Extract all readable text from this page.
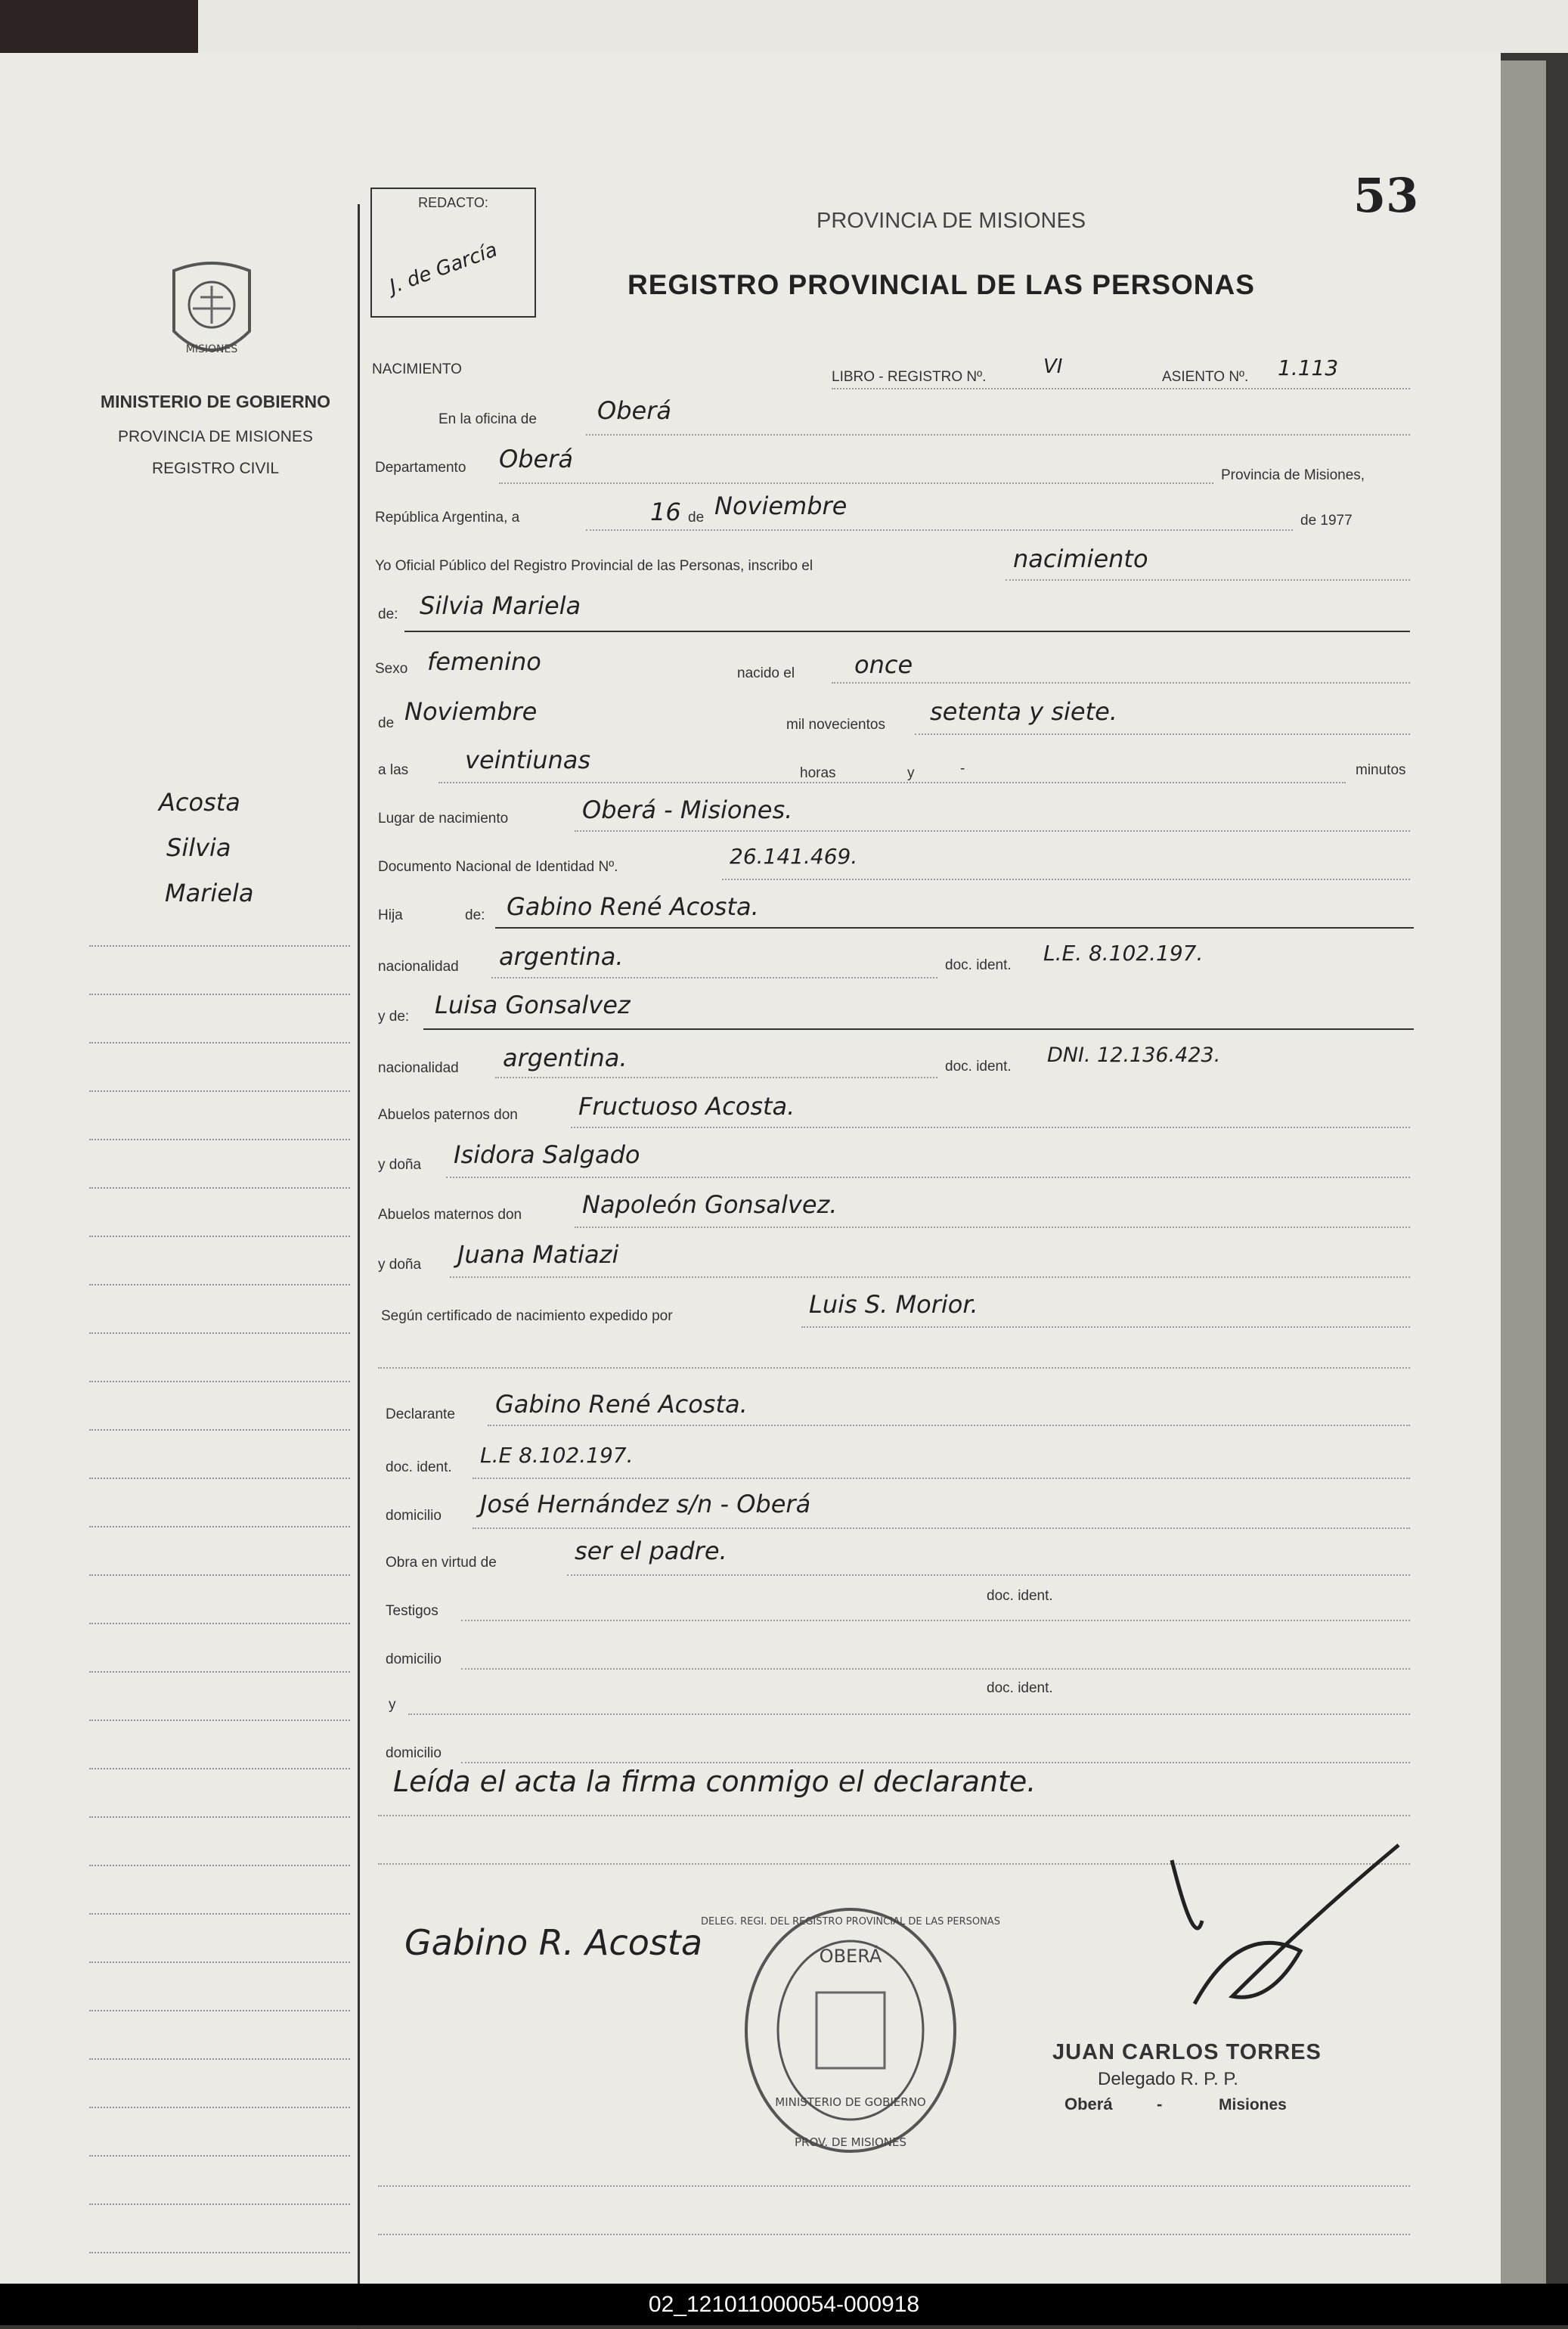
MISIONES
MINISTERIO DE GOBIERNO
PROVINCIA DE MISIONES
REGISTRO CIVIL
Acosta
Silvia
Mariela
REDACTO:
J. de García
PROVINCIA DE MISIONES
REGISTRO PROVINCIAL DE LAS PERSONAS
53
NACIMIENTO	LIBRO - REGISTRO Nº.	VI	ASIENTO Nº. 1.113
En la oficina de	Oberá
Departamento Oberá
Provincia de Misiones,
República Argentina, a	16 de Noviembre
de 1977
Yo Oficial Público del Registro Provincial de las Personas, inscribo el	nacimiento
de: Silvia Mariela
Sexo femenino	nacido el once
de Noviembre	mil novecientos setenta y siete.
a las veintiunas	horas	y	-	minutos
Lugar de nacimiento	Oberá - Misiones.
Documento Nacional de Identidad Nº.	26.141.469.
Hija	de: Gabino René Acosta.
nacionalidad argentina.	doc. ident. L.E. 8.102.197.
y de: Luisa Gonsalvez
nacionalidad argentina.	doc. ident. DNI. 12.136.423.
Abuelos paternos don	Fructuoso Acosta.
y doña Isidora Salgado
Abuelos maternos don Napoleón Gonsalvez.
y doña Juana Matiazi
Según certificado de nacimiento expedido por	Luis S. Morior.
Declarante Gabino René Acosta.
doc. ident. L.E 8.102.197.
domicilio José Hernández s/n - Oberá
Obra en virtud de	ser el padre.
Testigos
doc. ident.
domicilio
y
doc. ident.
domicilio
Leída el acta la firma conmigo el declarante.
Gabino R. Acosta	OBERÁ
DELEG. REGI. DEL REGISTRO PROVINCIAL DE LAS PERSONAS
MINISTERIO DE GOBIERNO
PROV. DE MISIONES
JUAN CARLOS TORRES
Delegado R. P. P.
Oberá	-	Misiones
02_121011000054-000918
